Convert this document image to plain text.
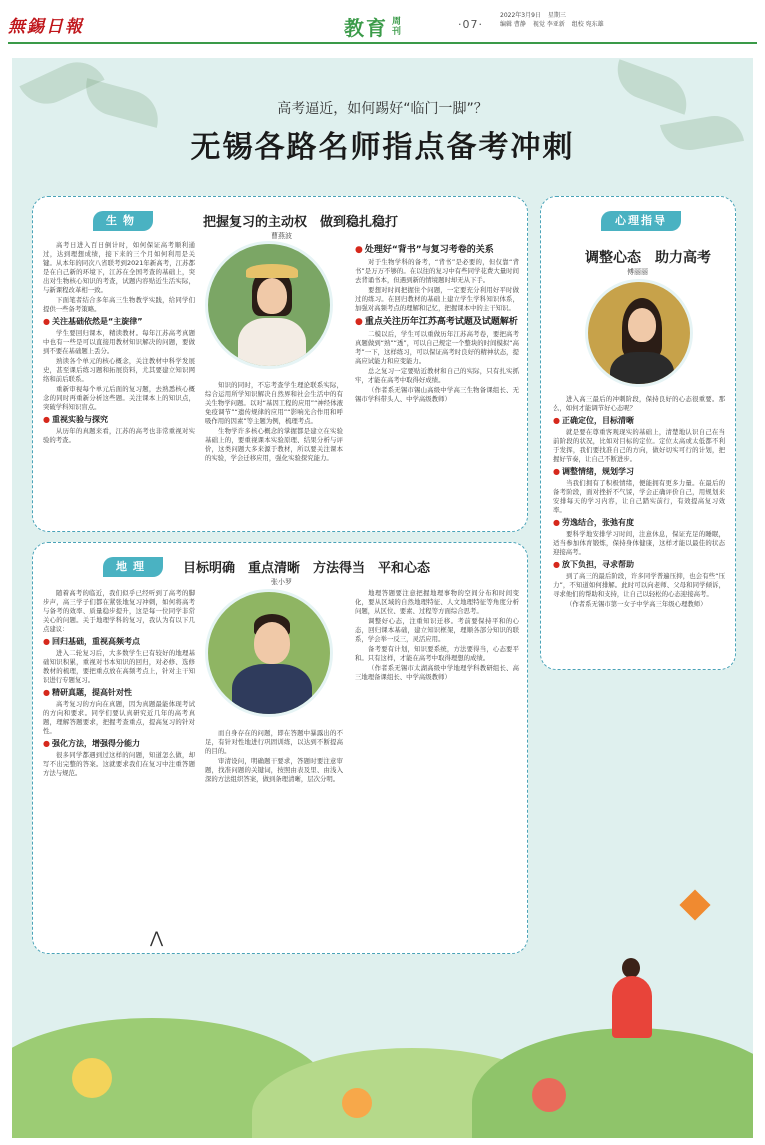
無錫日報	教育 周刊
·07·
2022年3月9日 星期三
编辑 曹静 视觉 李亚新 组校 宛东雄
高考逼近，如何踢好“临门一脚”？
无锡各路名师指点备考冲刺
生物	把握复习的主动权　做到稳扎稳打
曹燕波

高考日进入百日倒计时，如何保证高考顺利通过，达到理想成绩，接下来的三个月如何利用是关键。从本年的同次八省联考到2021年新高考，江苏都是在自己新的环境下，江苏在全国考查的基础上，突出对生物核心知识的考查，试题内容贴近生活实际，与新课程改革相一致。

下面笔者结合多年高三生物教学实践，给同学们提供一些备考策略。

● 关注基础依然是“主旋律”

学生要回归课本，精读教材。每年江苏高考真题中也有一些是可以直接用教材知识解决的问题，要做到不要在基础题上丢分。

熟读各个单元的核心概念，关注教材中科学发展史，甚至课后练习题和拓展资料，尤其要建立知识网络和前后联系。

重新审视每个单元后面的复习题，去熟悉核心概念的同时再重新分析这些题。关注课本上的知识点，突破学科知识盲点。

● 重视实验与探究

从历年的真题来看，江苏的高考也非常重视对实验的考查。

知识的同时，不忘考查学生理论联系实际，综合运用所学知识解决自然界和社会生活中的有关生物学问题。以对“基因工程的应用”“神经体液免疫调节”“遗传规律的应用”“影响光合作用和呼吸作用的因素”等主题为例，梳理考点。

生物学许多核心概念的掌握都是建立在实验基础上的，要重视课本实验原理、结果分析与评价，这类问题大多来源于教材，所以要关注课本的实验，学会迁移应用，强化实验探究能力。

● 处理好“背书”与复习考卷的关系

对于生物学科的备考，“背书”是必要的，但仅靠“背书”是万万不够的。在以往的复习中有些同学花费大量时间去背诵书本，但遇到新的情境题时却无从下手。

要想对时间把握住个问题，一定要充分利用好平时做过的练习。在回归教材的基础上建立学生学科知识体系，加强对高频考点的理解和记忆，把握课本中的主干知识。

● 重点关注历年江苏高考试题及试题解析

二模以后，学生可以重做历年江苏高考卷，要把高考真题做到“熟”“透”，可以自己规定一个整块的时间模拟“高考”一下，这样练习，可以保证高考时良好的精神状态，提高应试能力和应变能力。

总之复习一定要贴近教材和自己的实际，只有扎实抓牢，才能在高考中取得好成绩。

（作者系无锡市锡山高级中学高三生物备课组长、无锡市学科带头人、中学高级教师）

心理指导
调整心态　助力高考
傅丽丽

进入高三最后的冲刺阶段，保持良好的心态很重要。那么，如何才能调节好心态呢？

● 正确定位，目标清晰

就是要在尊重客观现实的基础上，清楚地认识自己在当前阶段的状况，比如对目标的定位。定位太高或太低都不利于发挥，我们要找准自己的方向，做好切实可行的计划，把握好节奏，让自己不断进步。

● 调整情绪，规划学习

当我们拥有了积极情绪，便能拥有更多力量。在最后的备考阶段，面对挫折不气馁，学会正确评价自己，用规划来安排每天的学习内容，让自己踏实前行，有效提高复习效率。

● 劳逸结合，张弛有度

要科学地安排学习时间，注意休息，保证充足的睡眠，适当参加体育锻炼，保持身体健康，这样才能以最佳的状态迎接高考。

● 放下负担，寻求帮助

到了高三的最后阶段，许多同学普遍压抑，也会有些“压力”，不知道如何排解。此时可以向老师、父母和同学倾诉，寻求他们的帮助和支持，让自己以轻松的心态迎接高考。

（作者系无锡市第一女子中学高三年级心理教师）

地理	目标明确　重点清晰　方法得当　平和心态
张小罗

随着高考的临近，我们似乎已经听到了高考的脚步声，高三学子们都在紧张地复习冲刺，如何将高考与备考的效率、质量稳步提升，这是每一位同学非常关心的问题。关于地理学科的复习，我认为有以下几点建议：

● 回归基础，重视高频考点

进入二轮复习后，大多数学生已有较好的地理基础知识积累，重视对书本知识的回归，对必修、选修教材的梳理，要把重点放在高频考点上，针对主干知识进行专题复习。

● 精研真题，提高针对性

高考复习的方向在真题，因为真题最能体现考试的方向和要求。同学们要认真研究近几年的高考真题，理解答题要求，把握考查重点，提高复习的针对性。

● 强化方法，增强得分能力

很多同学都遇到过这样的问题，知道怎么做，却写不出完整的答案。这就要求我们在复习中注重答题方法与规范。

而自身存在的问题，即在答题中暴露出的不足，有针对性地进行巩固训练，以达到不断提高的目的。

审清设问，明确题干要求，答题时要注意审题，找准问题的关键词，按照由表及里、由浅入深的方法组织答案，做到条理清晰，层次分明。

地理答题要注意把握地理事物的空间分布和时间变化，要从区域的自然地理特征、人文地理特征等角度分析问题，从区位、要素、过程等方面综合思考。

调整好心态，注重知识迁移。考前要保持平和的心态，回归课本基础，建立知识框架，理顺各部分知识的联系，学会举一反三，灵活应用。

备考要有计划，知识要系统，方法要得当，心态要平和。只有这样，才能在高考中取得理想的成绩。

（作者系无锡市太湖高级中学地理学科教研组长、高三地理备课组长、中学高级教师）

⋀
